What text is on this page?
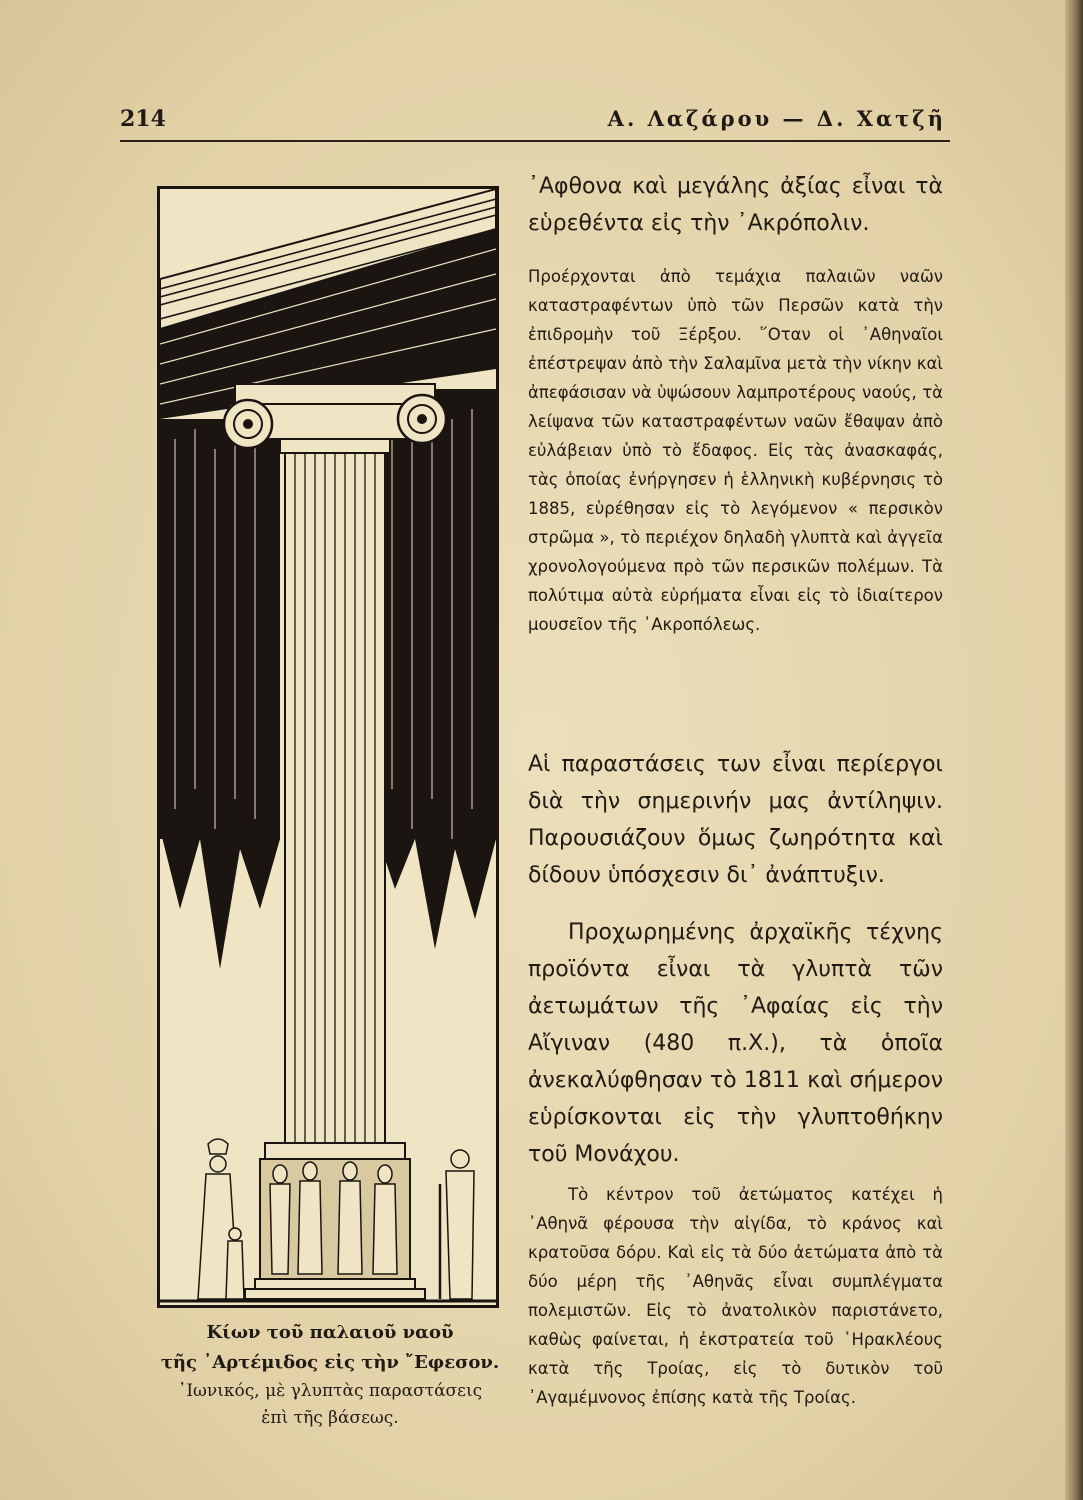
214	Α. Λαζάρου — Δ. Χατζῆ
Κίων τοῦ παλαιοῦ ναοῦ
τῆς ᾿Αρτέμιδος εἰς τὴν ῎Εφεσον.
᾿Ιωνικός, μὲ γλυπτὰς παραστάσεις
ἐπὶ τῆς βάσεως.

᾿Αφθονα καὶ μεγάλης ἀξίας εἶναι τὰ εὑρεθέντα εἰς τὴν ᾿Ακρόπολιν.

Προέρχονται ἀπὸ τεμάχια παλαιῶν ναῶν καταστραφέντων ὑπὸ τῶν Περσῶν κατὰ τὴν ἐπιδρομὴν τοῦ Ξέρξου. ῞Οταν οἱ ᾿Αθηναῖοι ἐπέστρεψαν ἀπὸ τὴν Σαλαμῖνα μετὰ τὴν νίκην καὶ ἀπεφάσισαν νὰ ὑψώσουν λαμπροτέρους ναούς, τὰ λείψανα τῶν καταστραφέντων ναῶν ἔθαψαν ἀπὸ εὐλάβειαν ὑπὸ τὸ ἔδαφος. Εἰς τὰς ἀνασκαφάς, τὰς ὁποίας ἐνήργησεν ἡ ἑλληνικὴ κυβέρνησις τὸ 1885, εὑρέθησαν εἰς τὸ λεγόμενον « περσικὸν στρῶμα », τὸ περιέχον δηλαδὴ γλυπτὰ καὶ ἀγγεῖα χρονολογούμενα πρὸ τῶν περσικῶν πολέμων. Τὰ πολύτιμα αὐτὰ εὑρήματα εἶναι εἰς τὸ ἰδιαίτερον μουσεῖον τῆς ᾿Ακροπόλεως.

Αἱ παραστάσεις των εἶναι περίεργοι διὰ τὴν σημερινήν μας ἀντίληψιν. Παρουσιάζουν ὅμως ζωηρότητα καὶ δίδουν ὑπόσχεσιν δι᾿ ἀνάπτυξιν.

Προχωρημένης ἀρχαϊκῆς τέχνης προϊόντα εἶναι τὰ γλυπτὰ τῶν ἀετωμάτων τῆς ᾿Αφαίας εἰς τὴν Αἴγιναν (480 π.Χ.), τὰ ὁποῖα ἀνεκαλύφθησαν τὸ 1811 καὶ σήμερον εὑρίσκονται εἰς τὴν γλυπτοθήκην τοῦ Μονάχου.

Τὸ κέντρον τοῦ ἀετώματος κατέχει ἡ ᾿Αθηνᾶ φέρουσα τὴν αἰγίδα, τὸ κράνος καὶ κρατοῦσα δόρυ. Καὶ εἰς τὰ δύο ἀετώματα ἀπὸ τὰ δύο μέρη τῆς ᾿Αθηνᾶς εἶναι συμπλέγματα πολεμιστῶν. Εἰς τὸ ἀνατολικὸν παριστάνετο, καθὼς φαίνεται, ἡ ἐκστρατεία τοῦ ῾Ηρακλέους κατὰ τῆς Τροίας, εἰς τὸ δυτικὸν τοῦ ᾿Αγαμέμνονος ἐπίσης κατὰ τῆς Τροίας.
